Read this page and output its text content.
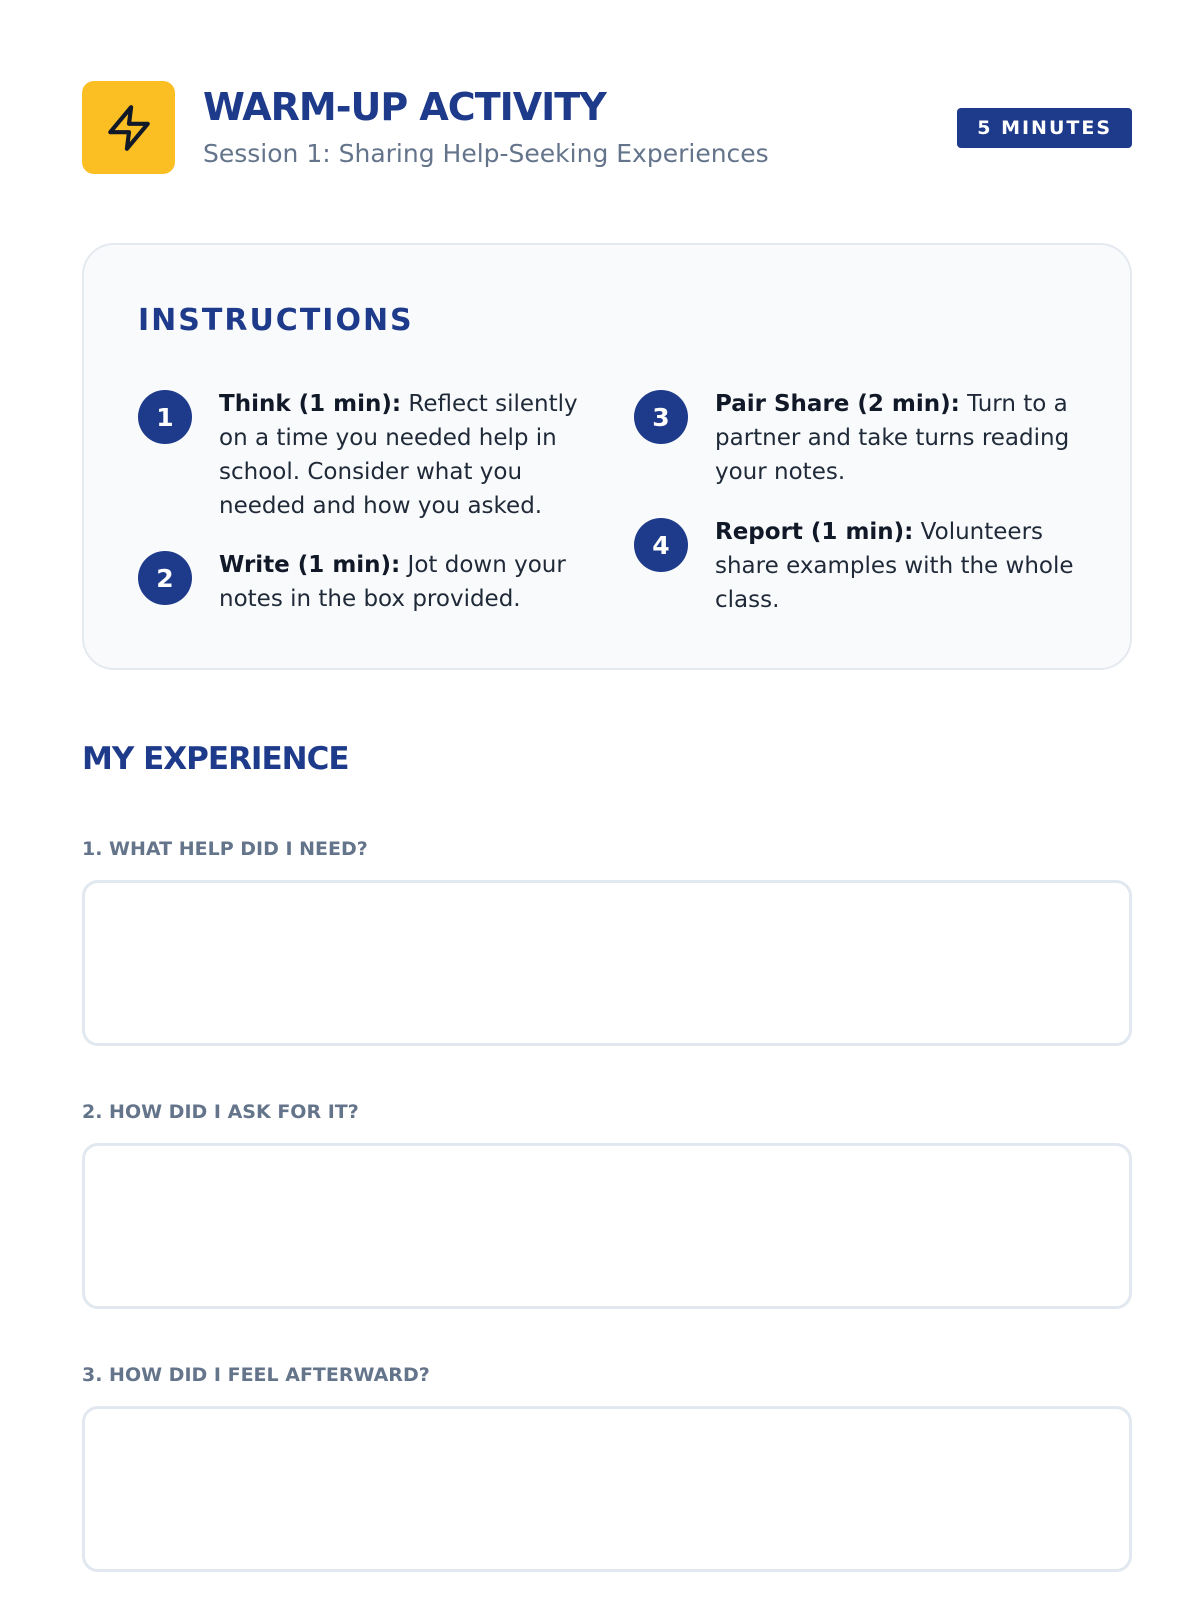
WARM-UP ACTIVITY
Session 1: Sharing Help-Seeking Experiences
5 MINUTES
INSTRUCTIONS
1	Think (1 min): Reflect silently on a time you needed help in school. Consider what you needed and how you asked.
2	Write (1 min): Jot down your notes in the box provided.
3	Pair Share (2 min): Turn to a partner and take turns reading your notes.
4	Report (1 min): Volunteers share examples with the whole class.
MY EXPERIENCE
1. WHAT HELP DID I NEED?
2. HOW DID I ASK FOR IT?
3. HOW DID I FEEL AFTERWARD?
